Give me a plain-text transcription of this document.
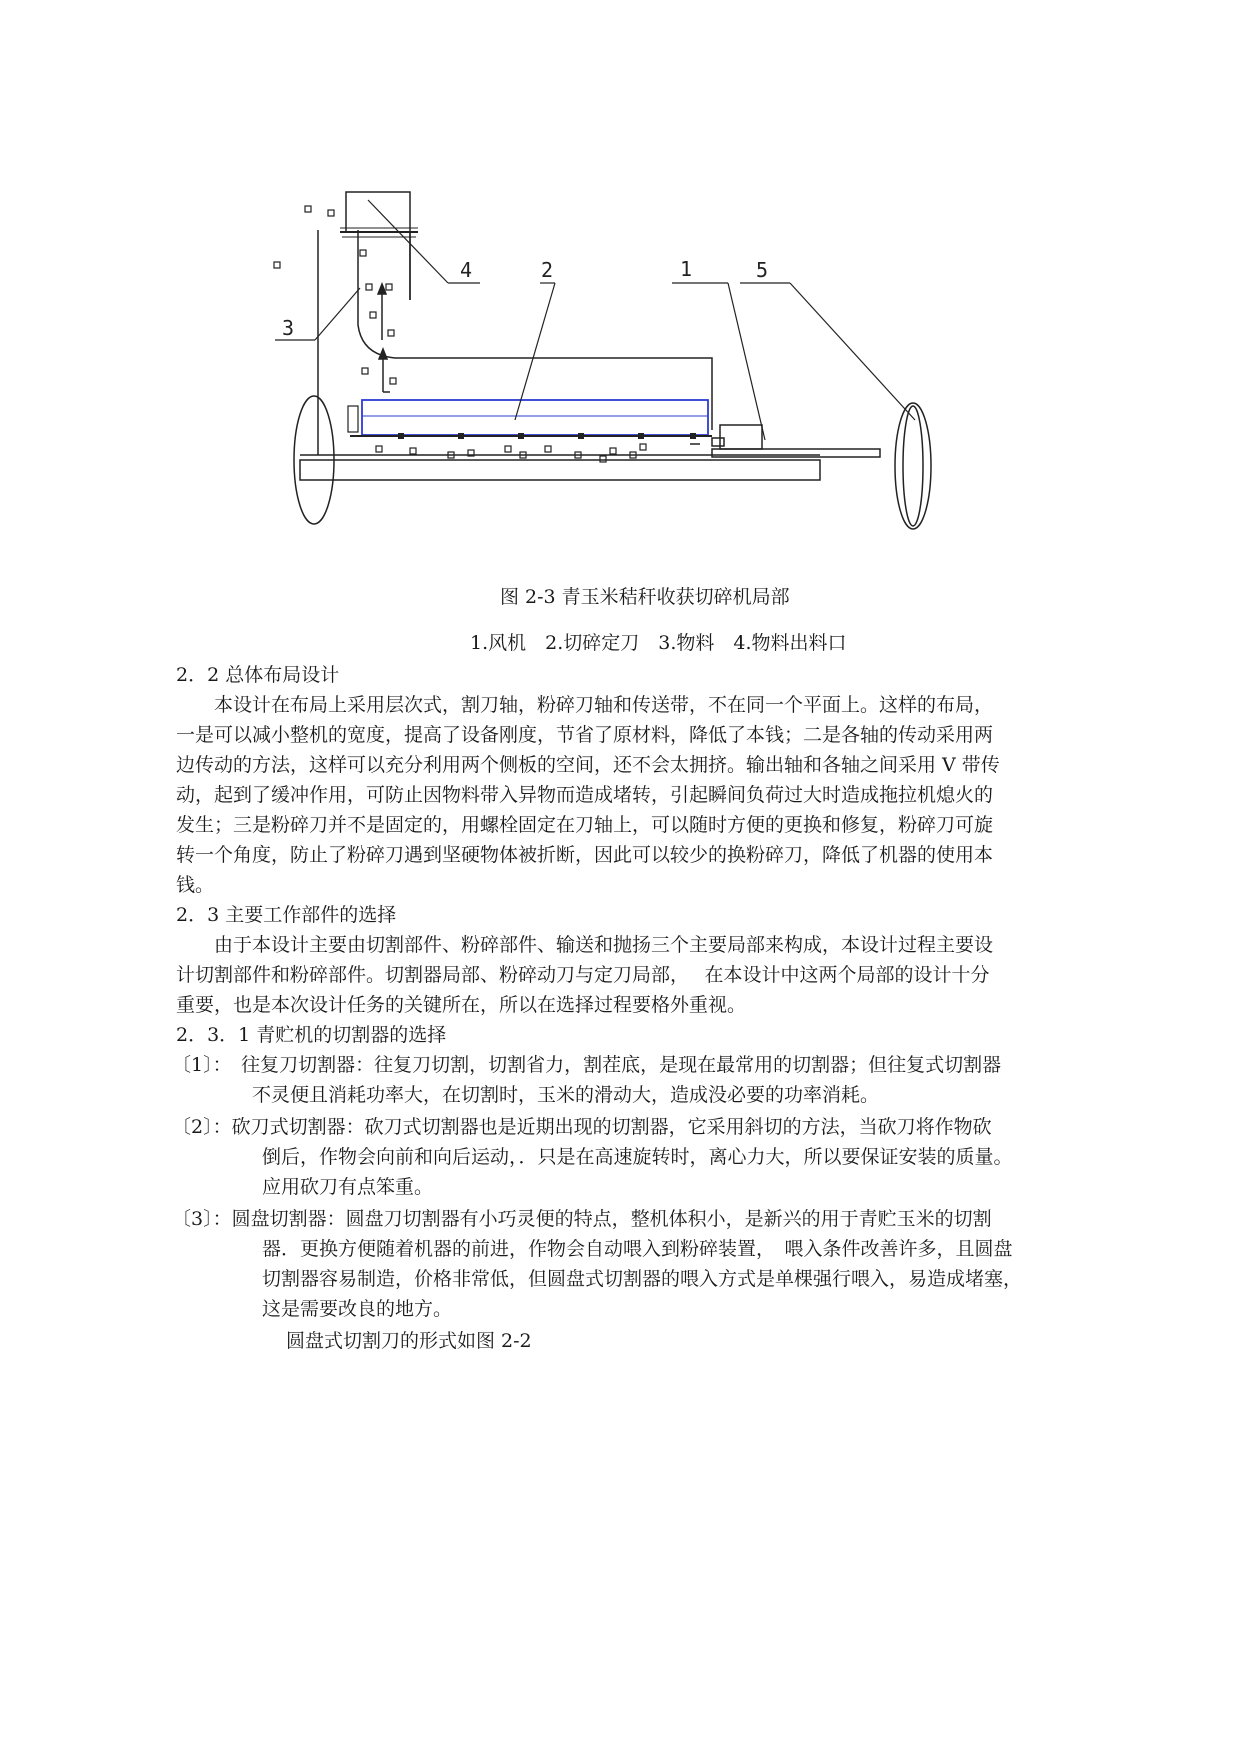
1
2
3
4	5
图 2-3 青玉米秸秆收获切碎机局部
1.风机　2.切碎定刀　3.物料　4.物料出料口
2．2 总体布局设计
　　本设计在布局上采用层次式，割刀轴，粉碎刀轴和传送带，不在同一个平面上。这样的布局，
一是可以减小整机的宽度，提高了设备刚度，节省了原材料，降低了本钱；二是各轴的传动采用两
边传动的方法，这样可以充分利用两个侧板的空间，还不会太拥挤。输出轴和各轴之间采用 V 带传
动，起到了缓冲作用，可防止因物料带入异物而造成堵转，引起瞬间负荷过大时造成拖拉机熄火的
发生；三是粉碎刀并不是固定的，用螺栓固定在刀轴上，可以随时方便的更换和修复，粉碎刀可旋
转一个角度，防止了粉碎刀遇到坚硬物体被折断，因此可以较少的换粉碎刀，降低了机器的使用本
钱。
2．3 主要工作部件的选择
　　由于本设计主要由切割部件、粉碎部件、输送和抛扬三个主要局部来构成，本设计过程主要设
计切割部件和粉碎部件。切割器局部、粉碎动刀与定刀局部，　 在本设计中这两个局部的设计十分
重要，也是本次设计任务的关键所在，所以在选择过程要格外重视。
2．3．1 青贮机的切割器的选择
〔1〕：　往复刀切割器：往复刀切割，切割省力，割茬底，是现在最常用的切割器；但往复式切割器
不灵便且消耗功率大，在切割时，玉米的滑动大，造成没必要的功率消耗。
〔2〕：砍刀式切割器：砍刀式切割器也是近期出现的切割器，它采用斜切的方法，当砍刀将作物砍
倒后，作物会向前和向后运动，．只是在高速旋转时，离心力大，所以要保证安装的质量。
应用砍刀有点笨重。
〔3〕：圆盘切割器：圆盘刀切割器有小巧灵便的特点，整机体积小，是新兴的用于青贮玉米的切割
器．更换方便随着机器的前进，作物会自动喂入到粉碎装置，　喂入条件改善许多，且圆盘
切割器容易制造，价格非常低，但圆盘式切割器的喂入方式是单棵强行喂入，易造成堵塞，
这是需要改良的地方。
圆盘式切割刀的形式如图 2-2
